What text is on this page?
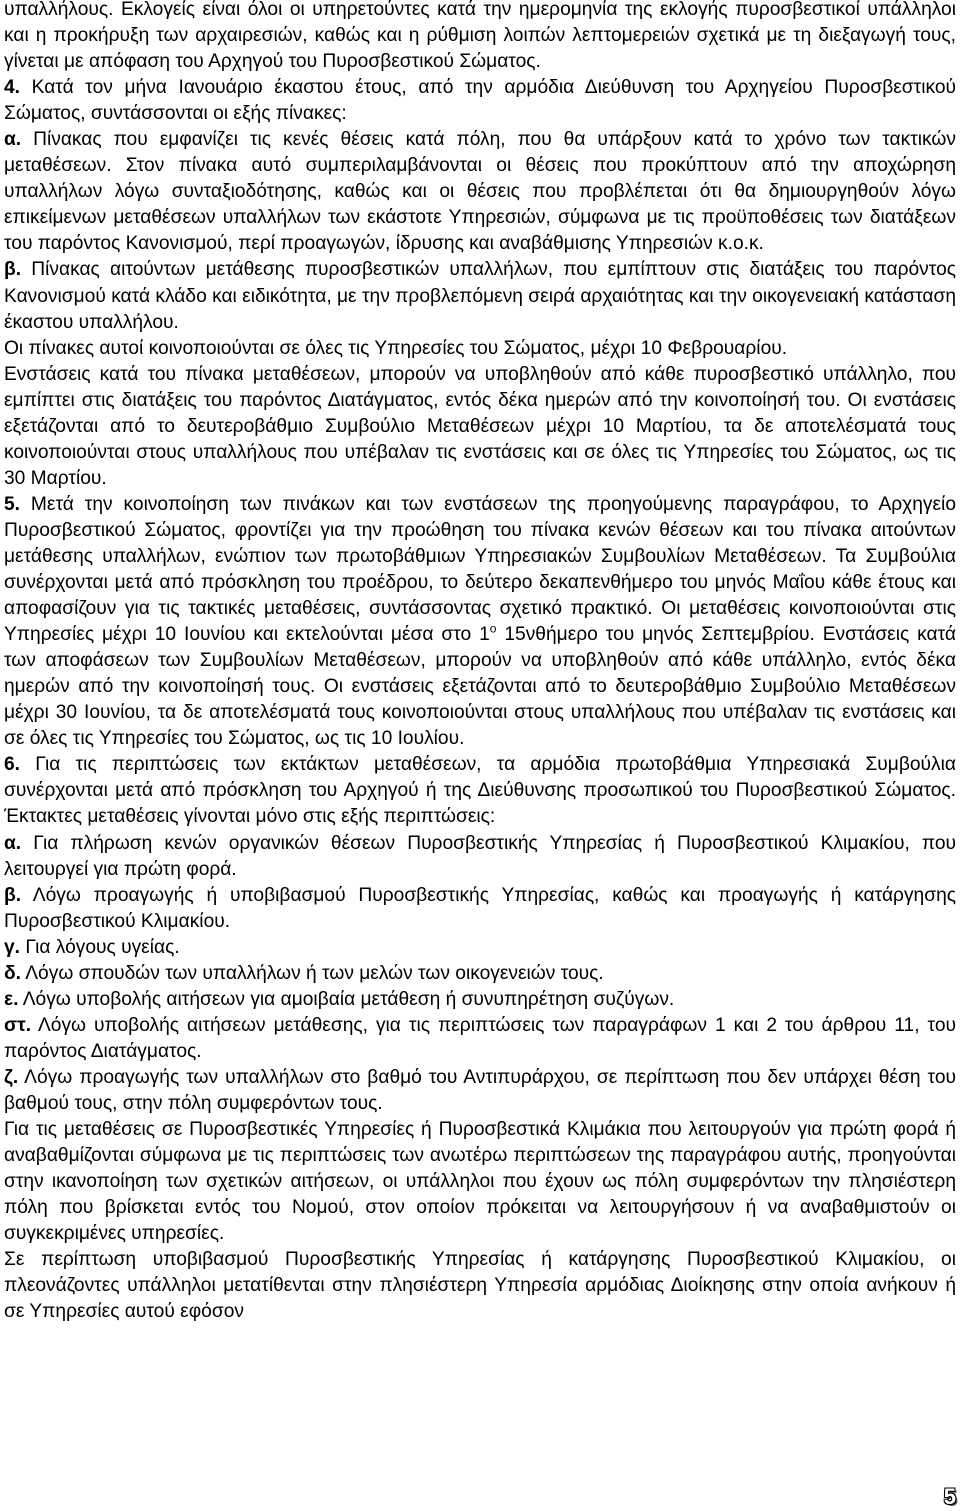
υπαλλήλους. Εκλογείς είναι όλοι οι υπηρετούντες κατά την ημερομηνία της εκλογής πυροσβεστικοί υπάλληλοι και η προκήρυξη των αρχαιρεσιών, καθώς και η ρύθμιση λοιπών λεπτομερειών σχετικά με τη διεξαγωγή τους, γίνεται με απόφαση του Αρχηγού του Πυροσβεστικού Σώματος.

4. Κατά τον μήνα Ιανουάριο έκαστου έτους, από την αρμόδια Διεύθυνση του Αρχηγείου Πυροσβεστικού Σώματος, συντάσσονται οι εξής πίνακες:

α. Πίνακας που εμφανίζει τις κενές θέσεις κατά πόλη, που θα υπάρξουν κατά το χρόνο των τακτικών μεταθέσεων. Στον πίνακα αυτό συμπεριλαμβάνονται οι θέσεις που προκύπτουν από την αποχώρηση υπαλλήλων λόγω συνταξιοδότησης, καθώς και οι θέσεις που προβλέπεται ότι θα δημιουργηθούν λόγω επικείμενων μεταθέσεων υπαλλήλων των εκάστοτε Υπηρεσιών, σύμφωνα με τις προϋποθέσεις των διατάξεων του παρόντος Κανονισμού, περί προαγωγών, ίδρυσης και αναβάθμισης Υπηρεσιών κ.ο.κ.

β. Πίνακας αιτούντων μετάθεσης πυροσβεστικών υπαλλήλων, που εμπίπτουν στις διατάξεις του παρόντος Κανονισμού κατά κλάδο και ειδικότητα, με την προβλεπόμενη σειρά αρχαιότητας και την οικογενειακή κατάσταση έκαστου υπαλλήλου.

Οι πίνακες αυτοί κοινοποιούνται σε όλες τις Υπηρεσίες του Σώματος, μέχρι 10 Φεβρουαρίου.

Ενστάσεις κατά του πίνακα μεταθέσεων, μπορούν να υποβληθούν από κάθε πυροσβεστικό υπάλληλο, που εμπίπτει στις διατάξεις του παρόντος Διατάγματος, εντός δέκα ημερών από την κοινοποίησή του. Οι ενστάσεις εξετάζονται από το δευτεροβάθμιο Συμβούλιο Μεταθέσεων μέχρι 10 Μαρτίου, τα δε αποτελέσματά τους κοινοποιούνται στους υπαλλήλους που υπέβαλαν τις ενστάσεις και σε όλες τις Υπηρεσίες του Σώματος, ως τις 30 Μαρτίου.

5. Μετά την κοινοποίηση των πινάκων και των ενστάσεων της προηγούμενης παραγράφου, το Αρχηγείο Πυροσβεστικού Σώματος, φροντίζει για την προώθηση του πίνακα κενών θέσεων και του πίνακα αιτούντων μετάθεσης υπαλλήλων, ενώπιον των πρωτοβάθμιων Υπηρεσιακών Συμβουλίων Μεταθέσεων. Τα Συμβούλια συνέρχονται μετά από πρόσκληση του προέδρου, το δεύτερο δεκαπενθήμερο του μηνός Μαΐου κάθε έτους και αποφασίζουν για τις τακτικές μεταθέσεις, συντάσσοντας σχετικό πρακτικό. Οι μεταθέσεις κοινοποιούνται στις Υπηρεσίες μέχρι 10 Ιουνίου και εκτελούνται μέσα στο $1^o$ 15νθήμερο του μηνός Σεπτεμβρίου. Ενστάσεις κατά των αποφάσεων των Συμβουλίων Μεταθέσεων, μπορούν να υποβληθούν από κάθε υπάλληλο, εντός δέκα ημερών από την κοινοποίησή τους. Οι ενστάσεις εξετάζονται από το δευτεροβάθμιο Συμβούλιο Μεταθέσεων μέχρι 30 Ιουνίου, τα δε αποτελέσματά τους κοινοποιούνται στους υπαλλήλους που υπέβαλαν τις ενστάσεις και σε όλες τις Υπηρεσίες του Σώματος, ως τις 10 Ιουλίου.

6. Για τις περιπτώσεις των εκτάκτων μεταθέσεων, τα αρμόδια πρωτοβάθμια Υπηρεσιακά Συμβούλια συνέρχονται μετά από πρόσκληση του Αρχηγού ή της Διεύθυνσης προσωπικού του Πυροσβεστικού Σώματος. Έκτακτες μεταθέσεις γίνονται μόνο στις εξής περιπτώσεις:

α. Για πλήρωση κενών οργανικών θέσεων Πυροσβεστικής Υπηρεσίας ή Πυροσβεστικού Κλιμακίου, που λειτουργεί για πρώτη φορά.

β. Λόγω προαγωγής ή υποβιβασμού Πυροσβεστικής Υπηρεσίας, καθώς και προαγωγής ή κατάργησης Πυροσβεστικού Κλιμακίου.

γ. Για λόγους υγείας.

δ. Λόγω σπουδών των υπαλλήλων ή των μελών των οικογενειών τους.

ε. Λόγω υποβολής αιτήσεων για αμοιβαία μετάθεση ή συνυπηρέτηση συζύγων.

στ. Λόγω υποβολής αιτήσεων μετάθεσης, για τις περιπτώσεις των παραγράφων 1 και 2 του άρθρου 11, του παρόντος Διατάγματος.

ζ. Λόγω προαγωγής των υπαλλήλων στο βαθμό του Αντιπυράρχου, σε περίπτωση που δεν υπάρχει θέση του βαθμού τους, στην πόλη συμφερόντων τους.

Για τις μεταθέσεις σε Πυροσβεστικές Υπηρεσίες ή Πυροσβεστικά Κλιμάκια που λειτουργούν για πρώτη φορά ή αναβαθμίζονται σύμφωνα με τις περιπτώσεις των ανωτέρω περιπτώσεων της παραγράφου αυτής, προηγούνται στην ικανοποίηση των σχετικών αιτήσεων, οι υπάλληλοι που έχουν ως πόλη συμφερόντων την πλησιέστερη πόλη που βρίσκεται εντός του Νομού, στον οποίον πρόκειται να λειτουργήσουν ή να αναβαθμιστούν οι συγκεκριμένες υπηρεσίες.

Σε περίπτωση υποβιβασμού Πυροσβεστικής Υπηρεσίας ή κατάργησης Πυροσβεστικού Κλιμακίου, οι πλεονάζοντες υπάλληλοι μετατίθενται στην πλησιέστερη Υπηρεσία αρμόδιας Διοίκησης στην οποία ανήκουν ή σε Υπηρεσίες αυτού εφόσον

5
